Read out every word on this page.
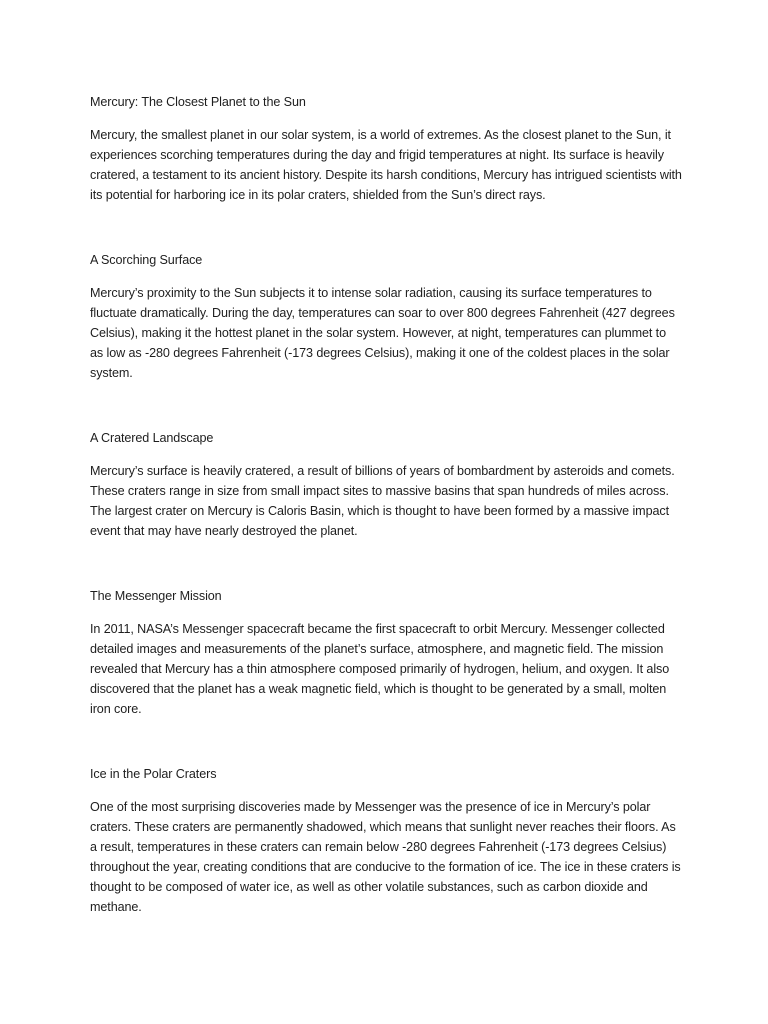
Mercury: The Closest Planet to the Sun

Mercury, the smallest planet in our solar system, is a world of extremes. As the closest planet to the Sun, it experiences scorching temperatures during the day and frigid temperatures at night. Its surface is heavily cratered, a testament to its ancient history. Despite its harsh conditions, Mercury has intrigued scientists with its potential for harboring ice in its polar craters, shielded from the Sun’s direct rays.

A Scorching Surface

Mercury’s proximity to the Sun subjects it to intense solar radiation, causing its surface temperatures to fluctuate dramatically. During the day, temperatures can soar to over 800 degrees Fahrenheit (427 degrees Celsius), making it the hottest planet in the solar system. However, at night, temperatures can plummet to as low as -280 degrees Fahrenheit (-173 degrees Celsius), making it one of the coldest places in the solar system.

A Cratered Landscape

Mercury’s surface is heavily cratered, a result of billions of years of bombardment by asteroids and comets. These craters range in size from small impact sites to massive basins that span hundreds of miles across. The largest crater on Mercury is Caloris Basin, which is thought to have been formed by a massive impact event that may have nearly destroyed the planet.

The Messenger Mission

In 2011, NASA’s Messenger spacecraft became the first spacecraft to orbit Mercury. Messenger collected detailed images and measurements of the planet’s surface, atmosphere, and magnetic field. The mission revealed that Mercury has a thin atmosphere composed primarily of hydrogen, helium, and oxygen. It also discovered that the planet has a weak magnetic field, which is thought to be generated by a small, molten iron core.

Ice in the Polar Craters

One of the most surprising discoveries made by Messenger was the presence of ice in Mercury’s polar craters. These craters are permanently shadowed, which means that sunlight never reaches their floors. As a result, temperatures in these craters can remain below -280 degrees Fahrenheit (-173 degrees Celsius) throughout the year, creating conditions that are conducive to the formation of ice. The ice in these craters is thought to be composed of water ice, as well as other volatile substances, such as carbon dioxide and methane.
